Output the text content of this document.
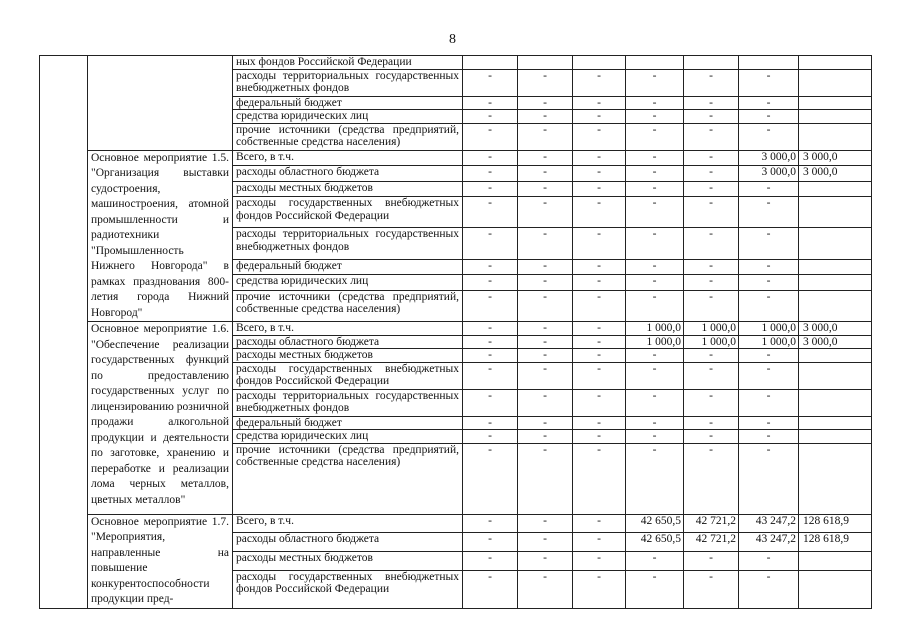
8
		ных фондов Российской Федерации							
		расходы территориальных государственных внебюджетных фондов	-	-	-	-	-	-	
		федеральный бюджет	-	-	-	-	-	-	
		средства юридических лиц	-	-	-	-	-	-	
		прочие источники (средства предприятий, собственные средства населения)	-	-	-	-	-	-	
	Основное мероприятие 1.5. "Организация выставки судостроения, машиностроения, атомной промышленности и радиотехники "Промышленность Нижнего Новгорода" в рамках празднования 800-летия города Нижний Новгород"	Всего, в т.ч.	-	-	-	-	-	3 000,0	3 000,0
		расходы областного бюджета	-	-	-	-	-	3 000,0	3 000,0
		расходы местных бюджетов	-	-	-	-	-	-	
		расходы государственных внебюджетных фондов Российской Федерации	-	-	-	-	-	-	
		расходы территориальных государственных внебюджетных фондов	-	-	-	-	-	-	
		федеральный бюджет	-	-	-	-	-	-	
		средства юридических лиц	-	-	-	-	-	-	
		прочие источники (средства предприятий, собственные средства населения)	-	-	-	-	-	-	
	Основное мероприятие 1.6. "Обеспечение реализации государственных функций по предоставлению государственных услуг по лицензированию розничной продажи алкогольной продукции и деятельности по заготовке, хранению и переработке и реализации лома черных металлов, цветных металлов"	Всего, в т.ч.	-	-	-	1 000,0	1 000,0	1 000,0	3 000,0
		расходы областного бюджета	-	-	-	1 000,0	1 000,0	1 000,0	3 000,0
		расходы местных бюджетов	-	-	-	-	-	-	
		расходы государственных внебюджетных фондов Российской Федерации	-	-	-	-	-	-	
		расходы территориальных государственных внебюджетных фондов	-	-	-	-	-	-	
		федеральный бюджет	-	-	-	-	-	-	
		средства юридических лиц	-	-	-	-	-	-	
		прочие источники (средства предприятий, собственные средства населения)	-	-	-	-	-	-	
	Основное мероприятие 1.7. "Мероприятия, направленные на повышение конкурентоспособности продукции пред-	Всего, в т.ч.	-	-	-	42 650,5	42 721,2	43 247,2	128 618,9
		расходы областного бюджета	-	-	-	42 650,5	42 721,2	43 247,2	128 618,9
		расходы местных бюджетов	-	-	-	-	-	-	
		расходы государственных внебюджетных фондов Российской Федерации	-	-	-	-	-	-	
